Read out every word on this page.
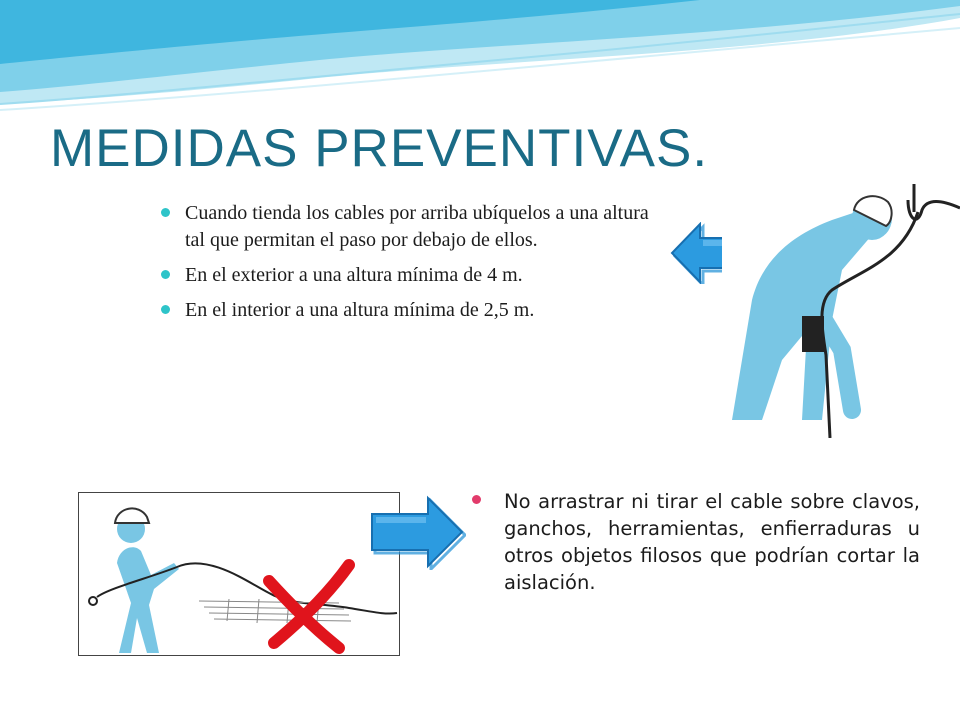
MEDIDAS PREVENTIVAS.
Cuando tienda los cables por arriba ubíquelos a una altura tal que permitan el paso por debajo de ellos.
En el exterior a una altura mínima de 4 m.
En el interior a una altura mínima de 2,5 m.
No arrastrar ni tirar el cable sobre clavos, ganchos, herramientas, enfierraduras u otros objetos filosos que podrían cortar la aislación.
